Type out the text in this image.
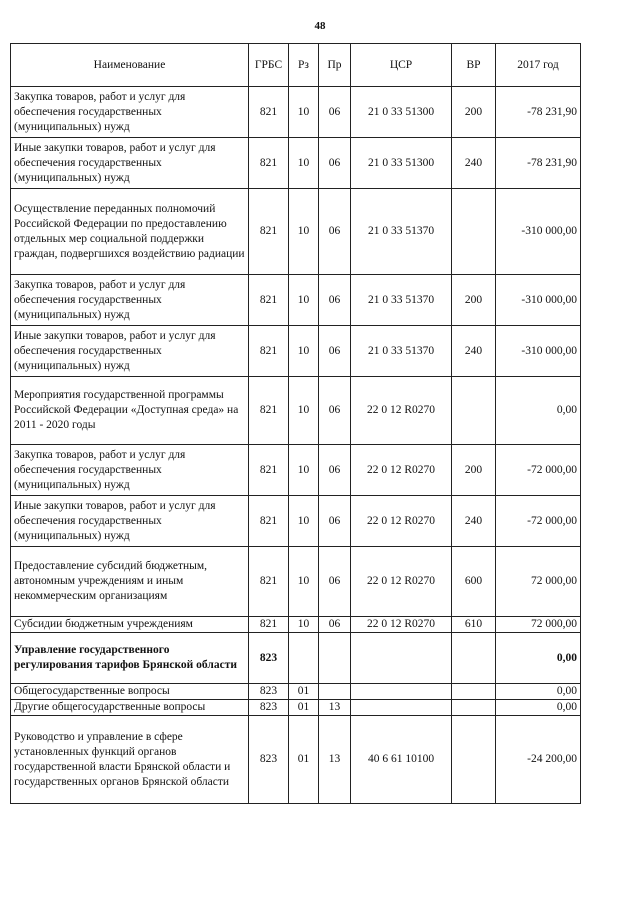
48
Наименование	ГРБС	Рз	Пр	ЦСР	ВР	2017 год
Закупка товаров, работ и услуг для обеспечения государственных (муниципальных) нужд	821	10	06	21 0 33 51300	200	-78 231,90
Иные закупки товаров, работ и услуг для обеспечения государственных (муниципальных) нужд	821	10	06	21 0 33 51300	240	-78 231,90
Осуществление переданных полномочий Российской Федерации по предоставлению отдельных мер социальной поддержки граждан, подвергшихся воздействию радиации	821	10	06	21 0 33 51370		-310 000,00
Закупка товаров, работ и услуг для обеспечения государственных (муниципальных) нужд	821	10	06	21 0 33 51370	200	-310 000,00
Иные закупки товаров, работ и услуг для обеспечения государственных (муниципальных) нужд	821	10	06	21 0 33 51370	240	-310 000,00
Мероприятия государственной программы Российской Федерации «Доступная среда» на 2011 - 2020 годы	821	10	06	22 0 12 R0270		0,00
Закупка товаров, работ и услуг для обеспечения государственных (муниципальных) нужд	821	10	06	22 0 12 R0270	200	-72 000,00
Иные закупки товаров, работ и услуг для обеспечения государственных (муниципальных) нужд	821	10	06	22 0 12 R0270	240	-72 000,00
Предоставление субсидий бюджетным, автономным учреждениям и иным некоммерческим организациям	821	10	06	22 0 12 R0270	600	72 000,00
Субсидии бюджетным учреждениям	821	10	06	22 0 12 R0270	610	72 000,00
Управление государственного регулирования тарифов Брянской области	823					0,00
Общегосударственные вопросы	823	01				0,00
Другие общегосударственные вопросы	823	01	13			0,00
Руководство и управление в сфере установленных функций органов государственной власти Брянской области и государственных органов Брянской области	823	01	13	40 6 61 10100		-24 200,00
